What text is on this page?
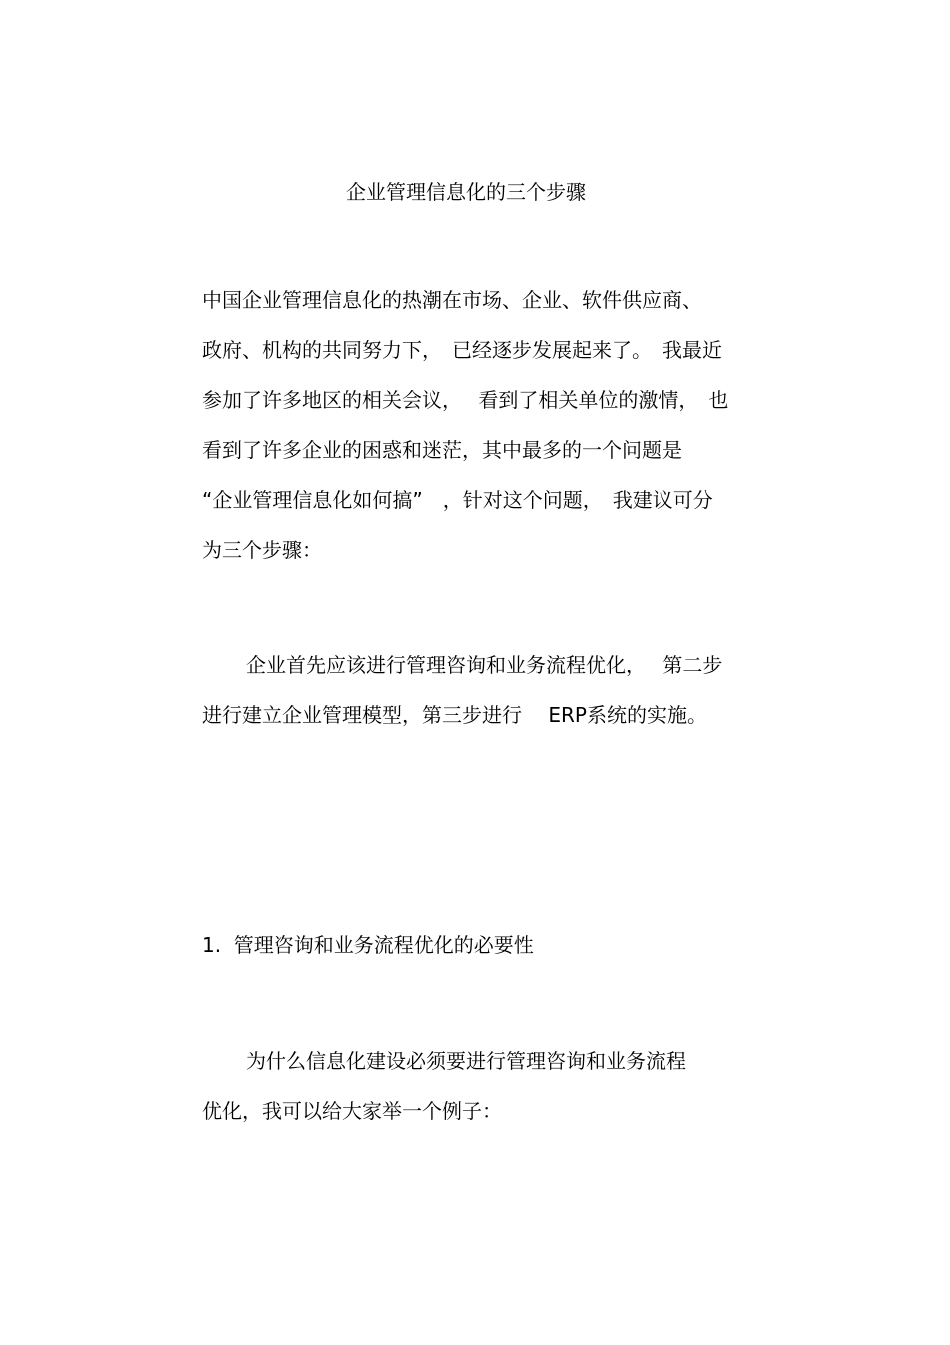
企业管理信息化的三个步骤
中国企业管理信息化的热潮在市场、企业、软件供应商、
政府、机构的共同努力下，　已经逐步发展起来了。　我最近
参加了许多地区的相关会议，　 看到了相关单位的激情，　也
看到了许多企业的困惑和迷茫，其中最多的一个问题是
“企业管理信息化如何搞”　，针对这个问题，　我建议可分
为三个步骤：
企业首先应该进行管理咨询和业务流程优化，　 第二步
进行建立企业管理模型，第三步进行　 ERP系统的实施。
1.  管理咨询和业务流程优化的必要性
为什么信息化建设必须要进行管理咨询和业务流程
优化，我可以给大家举一个例子：
